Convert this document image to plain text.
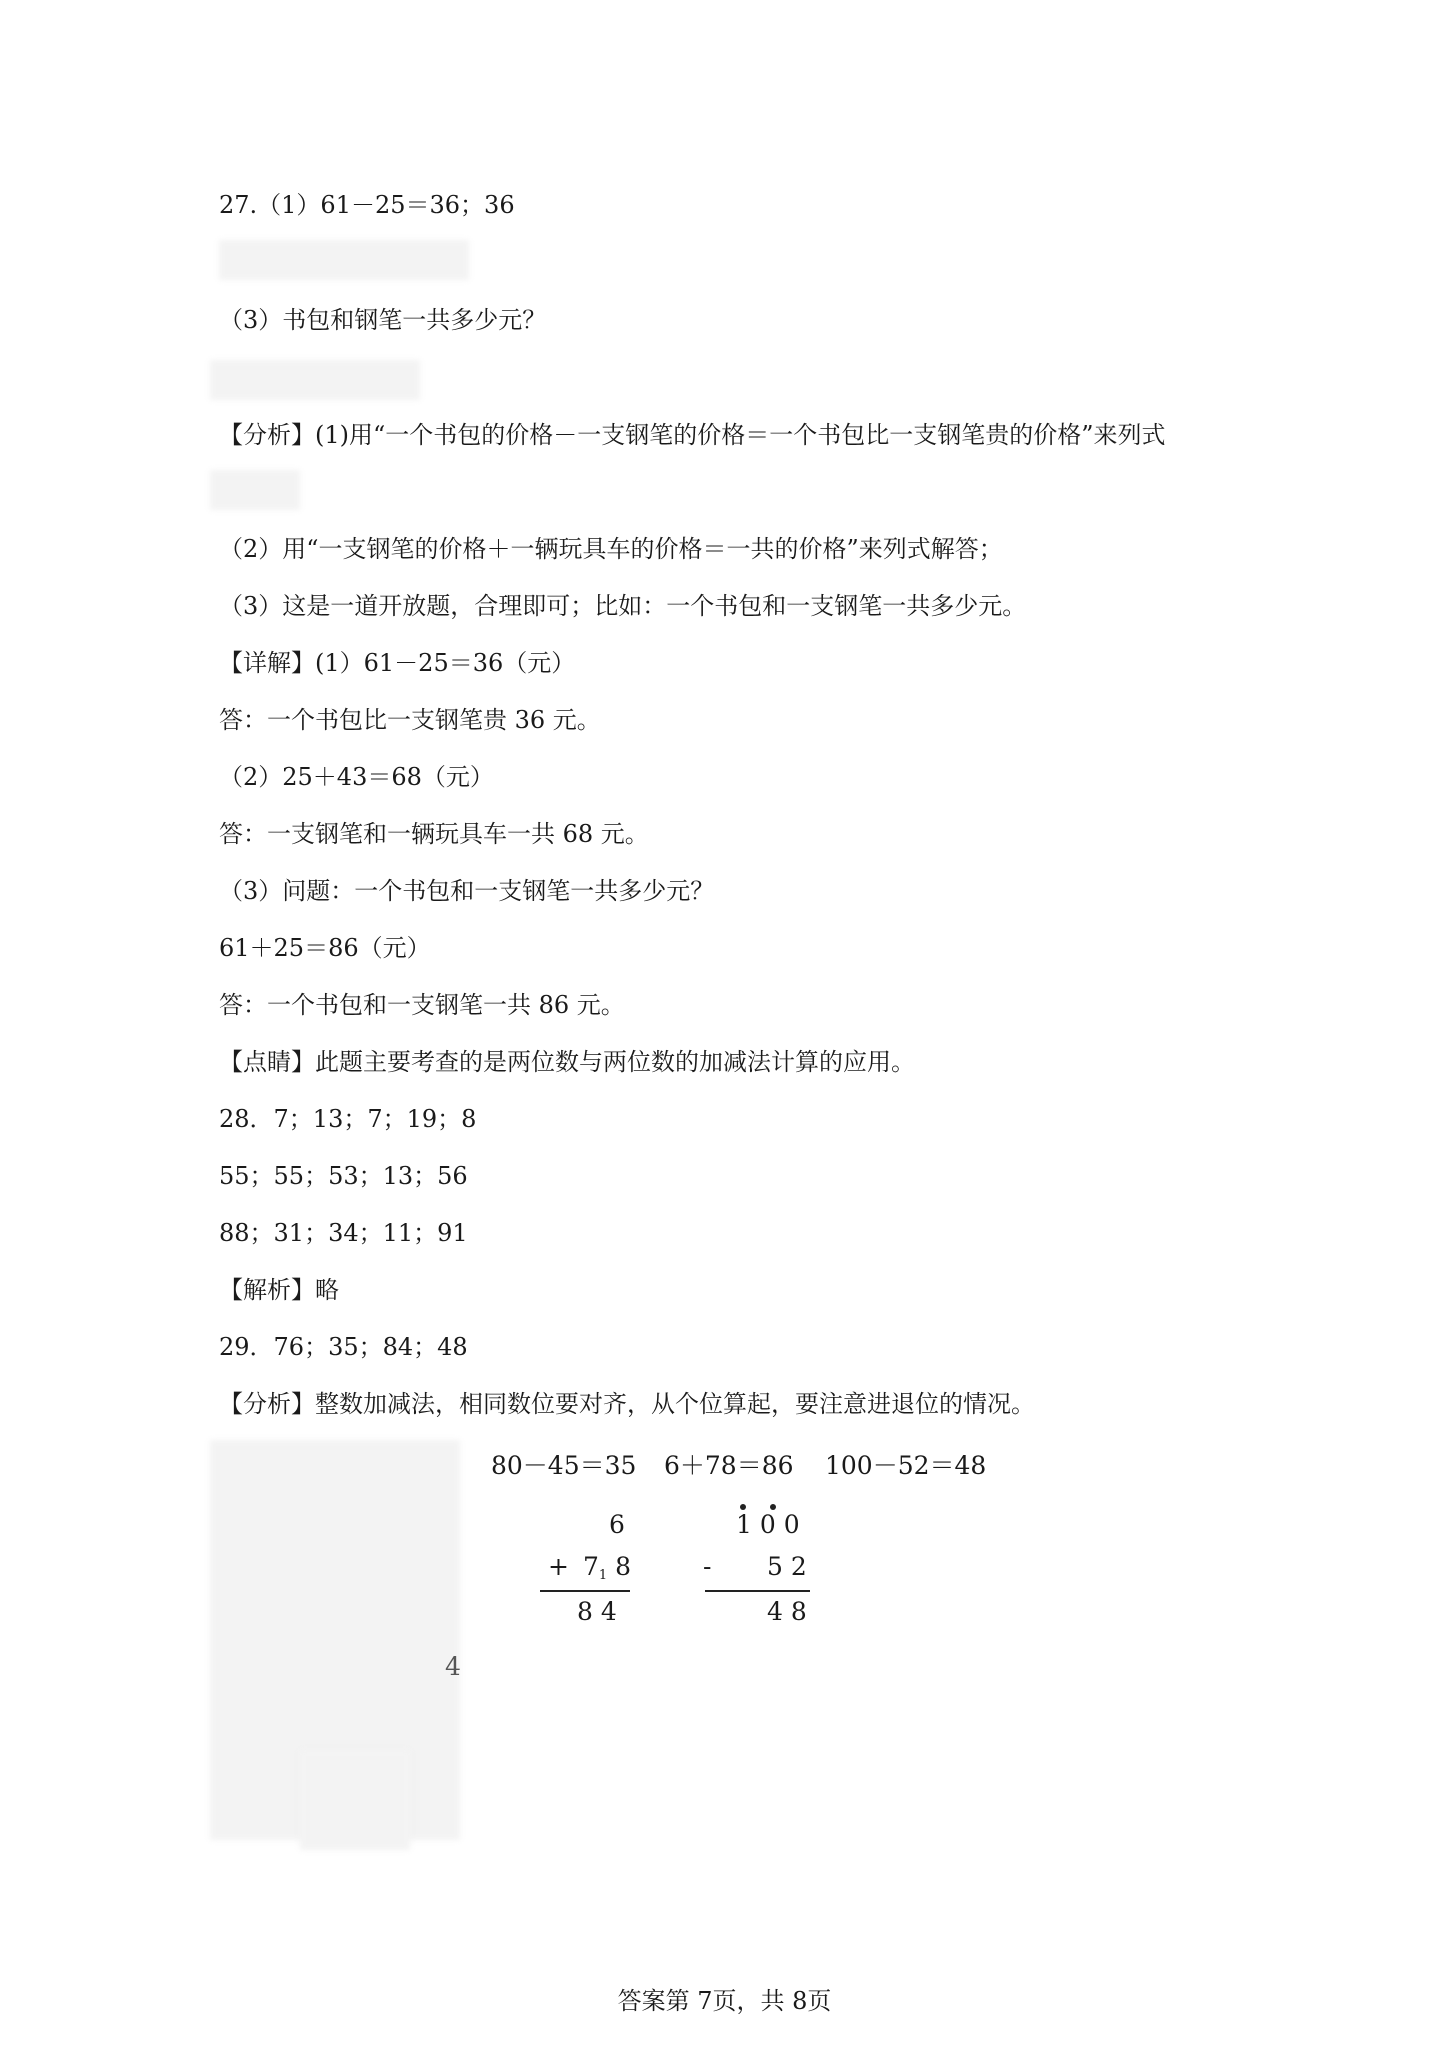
27.（1）61－25＝36；36
（3）书包和钢笔一共多少元？
【分析】(1)用“一个书包的价格－一支钢笔的价格＝一个书包比一支钢笔贵的价格”来列式
（2）用“一支钢笔的价格＋一辆玩具车的价格＝一共的价格”来列式解答；
（3）这是一道开放题，合理即可；比如：一个书包和一支钢笔一共多少元。
【详解】(1）61－25＝36（元）
答：一个书包比一支钢笔贵 36 元。
（2）25＋43＝68（元）
答：一支钢笔和一辆玩具车一共 68 元。
（3）问题：一个书包和一支钢笔一共多少元？
61＋25＝86（元）
答：一个书包和一支钢笔一共 86 元。
【点睛】此题主要考查的是两位数与两位数的加减法计算的应用。
28．7；13；7；19；8
55；55；53；13；56
88；31；34；11；91
【解析】略
29．76；35；84；48
【分析】整数加减法，相同数位要对齐，从个位算起，要注意进退位的情况。
80－45＝35 6＋78＝86 100－52＝48
6
+ $7_1$ 8
8 4
1 0 0
- 5 2
4 8
4
答案第 7页，共 8页
